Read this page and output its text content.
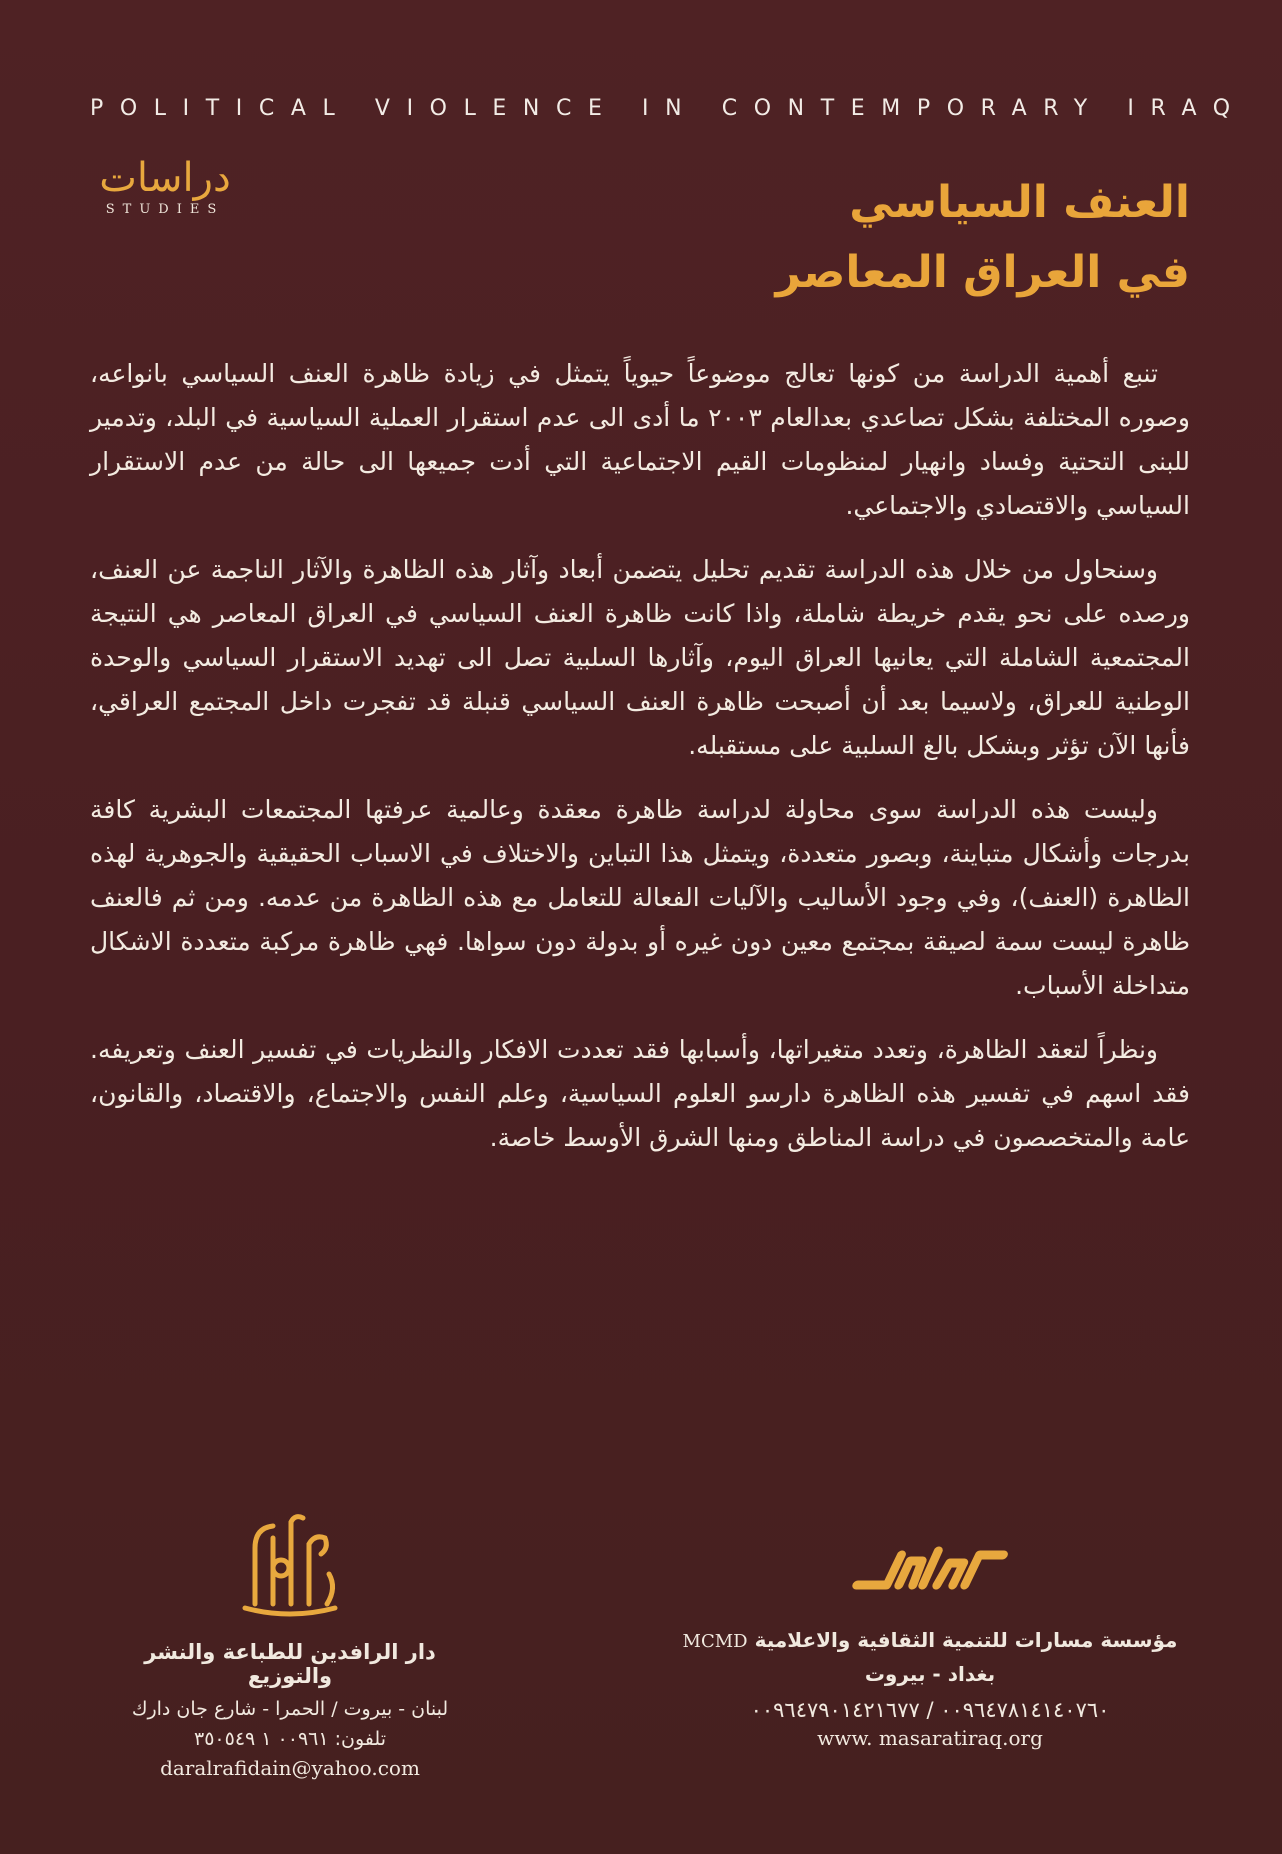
POLITICAL VIOLENCE IN CONTEMPORARY IRAQ
دراسات
STUDIES	العنف السياسي
في العراق المعاصر

تنبع أهمية الدراسة من كونها تعالج موضوعاً حيوياً يتمثل في زيادة ظاهرة العنف السياسي بانواعه، وصوره المختلفة بشكل تصاعدي بعدالعام ٢٠٠٣ ما أدى الى عدم استقرار العملية السياسية في البلد، وتدمير للبنى التحتية وفساد وانهيار لمنظومات القيم الاجتماعية التي أدت جميعها الى حالة من عدم الاستقرار السياسي والاقتصادي والاجتماعي.

وسنحاول من خلال هذه الدراسة تقديم تحليل يتضمن أبعاد وآثار هذه الظاهرة والآثار الناجمة عن العنف، ورصده على نحو يقدم خريطة شاملة، واذا كانت ظاهرة العنف السياسي في العراق المعاصر هي النتيجة المجتمعية الشاملة التي يعانيها العراق اليوم، وآثارها السلبية تصل الى تهديد الاستقرار السياسي والوحدة الوطنية للعراق، ولاسيما بعد أن أصبحت ظاهرة العنف السياسي قنبلة قد تفجرت داخل المجتمع العراقي، فأنها الآن تؤثر وبشكل بالغ السلبية على مستقبله.

وليست هذه الدراسة سوى محاولة لدراسة ظاهرة معقدة وعالمية عرفتها المجتمعات البشرية كافة بدرجات وأشكال متباينة، وبصور متعددة، ويتمثل هذا التباين والاختلاف في الاسباب الحقيقية والجوهرية لهذه الظاهرة (العنف)، وفي وجود الأساليب والآليات الفعالة للتعامل مع هذه الظاهرة من عدمه. ومن ثم فالعنف ظاهرة ليست سمة لصيقة بمجتمع معين دون غيره أو بدولة دون سواها. فهي ظاهرة مركبة متعددة الاشكال متداخلة الأسباب.

ونظراً لتعقد الظاهرة، وتعدد متغيراتها، وأسبابها فقد تعددت الافكار والنظريات في تفسير العنف وتعريفه. فقد اسهم في تفسير هذه الظاهرة دارسو العلوم السياسية، وعلم النفس والاجتماع، والاقتصاد، والقانون، عامة والمتخصصون في دراسة المناطق ومنها الشرق الأوسط خاصة.

دار الرافدين للطباعة والنشر والتوزيع
لبنان - بيروت / الحمرا - شارع جان دارك
تلفون: ٠٠٩٦١ ١ ٣٥٠٥٤٩
daralrafidain@yahoo.com
مؤسسة مسارات للتنمية الثقافية والاعلامية MCMD
بغداد - بيروت
٠٠٩٦٤٧٨١٤١٤٠٧٦٠ / ٠٠٩٦٤٧٩٠١٤٢١٦٧٧
www. masaratiraq.org
